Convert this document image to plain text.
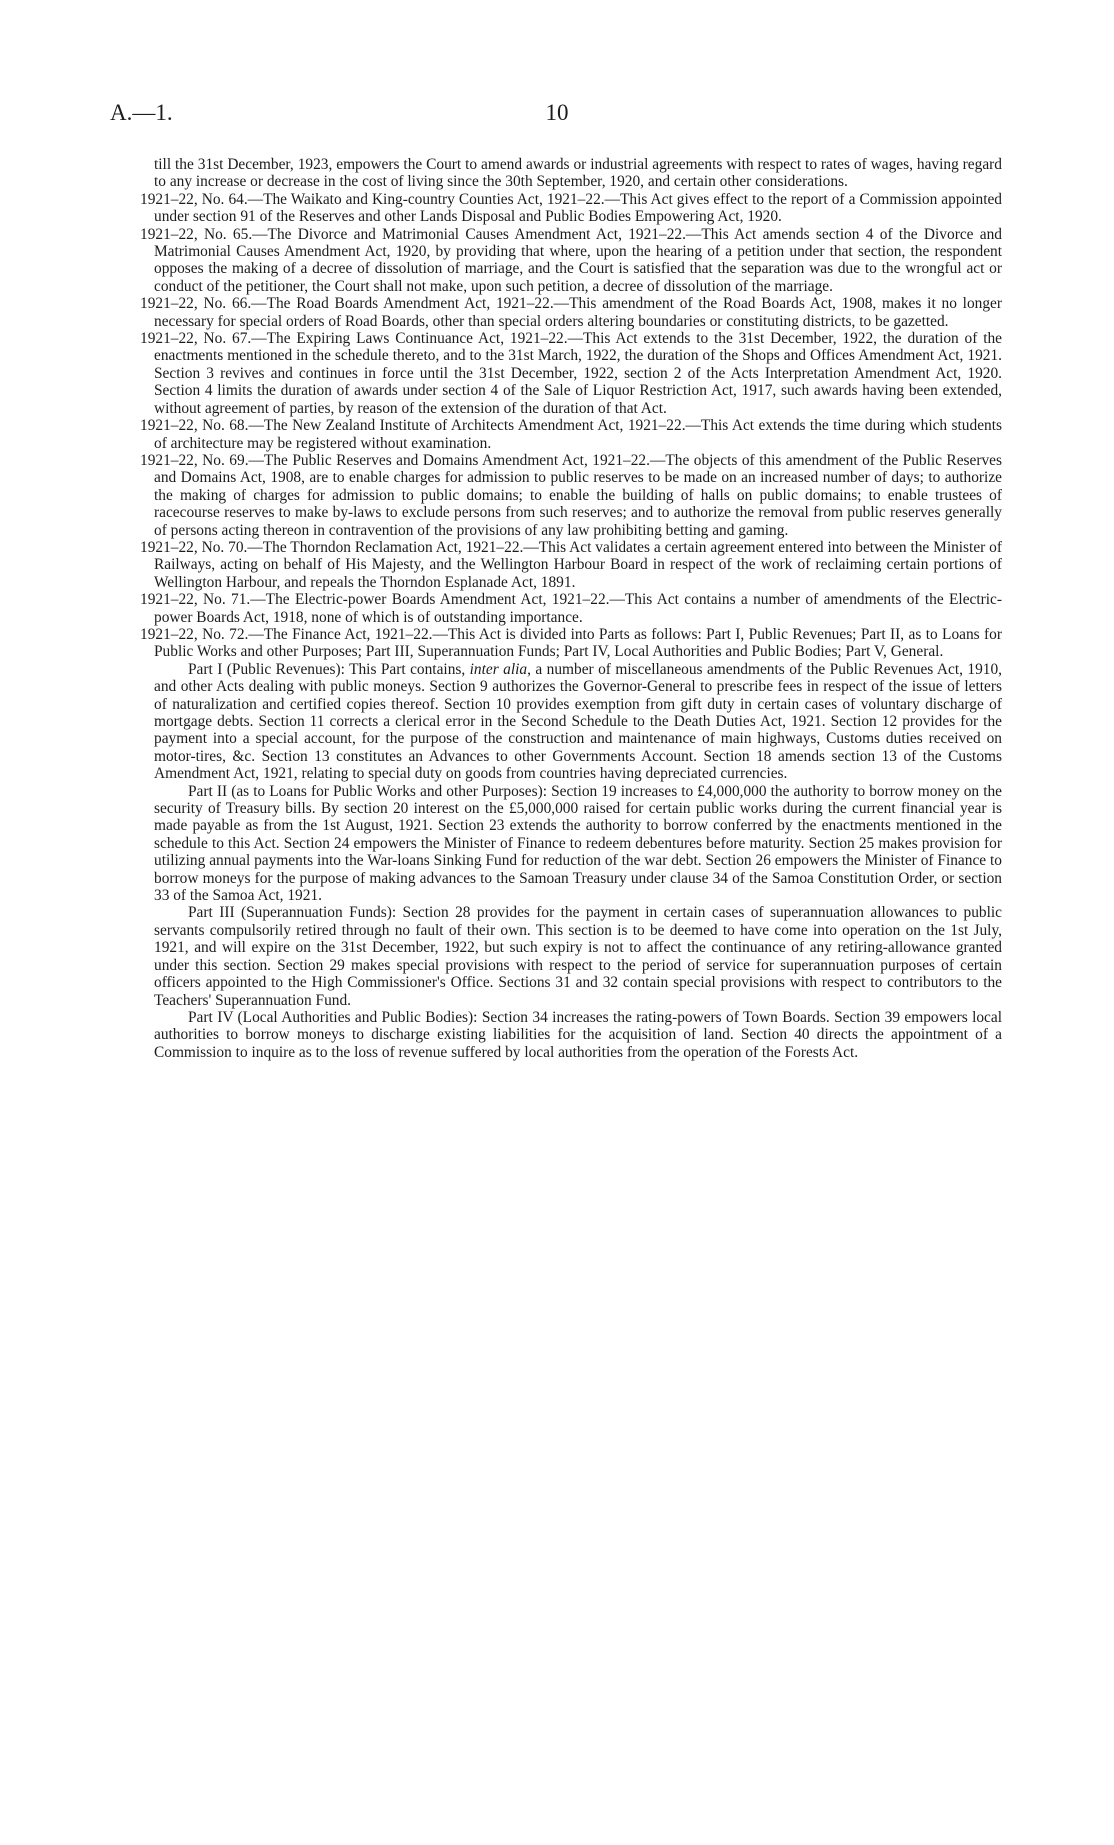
A.—1.	10

till the 31st December, 1923, empowers the Court to amend awards or industrial agreements with respect to rates of wages, having regard to any increase or decrease in the cost of living since the 30th September, 1920, and certain other considerations.

1921–22, No. 64.—The Waikato and King-country Counties Act, 1921–22.—This Act gives effect to the report of a Commission appointed under section 91 of the Reserves and other Lands Disposal and Public Bodies Empowering Act, 1920.

1921–22, No. 65.—The Divorce and Matrimonial Causes Amendment Act, 1921–22.—This Act amends section 4 of the Divorce and Matrimonial Causes Amendment Act, 1920, by providing that where, upon the hearing of a petition under that section, the respondent opposes the making of a decree of dissolution of marriage, and the Court is satisfied that the separation was due to the wrongful act or conduct of the petitioner, the Court shall not make, upon such petition, a decree of dissolution of the marriage.

1921–22, No. 66.—The Road Boards Amendment Act, 1921–22.—This amendment of the Road Boards Act, 1908, makes it no longer necessary for special orders of Road Boards, other than special orders altering boundaries or constituting districts, to be gazetted.

1921–22, No. 67.—The Expiring Laws Continuance Act, 1921–22.—This Act extends to the 31st December, 1922, the duration of the enactments mentioned in the schedule thereto, and to the 31st March, 1922, the duration of the Shops and Offices Amendment Act, 1921. Section 3 revives and continues in force until the 31st December, 1922, section 2 of the Acts Interpretation Amendment Act, 1920. Section 4 limits the duration of awards under section 4 of the Sale of Liquor Restriction Act, 1917, such awards having been extended, without agreement of parties, by reason of the extension of the duration of that Act.

1921–22, No. 68.—The New Zealand Institute of Architects Amendment Act, 1921–22.—This Act extends the time during which students of architecture may be registered without examination.

1921–22, No. 69.—The Public Reserves and Domains Amendment Act, 1921–22.—The objects of this amendment of the Public Reserves and Domains Act, 1908, are to enable charges for admission to public reserves to be made on an increased number of days; to authorize the making of charges for admission to public domains; to enable the building of halls on public domains; to enable trustees of racecourse reserves to make by-laws to exclude persons from such reserves; and to authorize the removal from public reserves generally of persons acting thereon in contravention of the provisions of any law prohibiting betting and gaming.

1921–22, No. 70.—The Thorndon Reclamation Act, 1921–22.—This Act validates a certain agreement entered into between the Minister of Railways, acting on behalf of His Majesty, and the Wellington Harbour Board in respect of the work of reclaiming certain portions of Wellington Harbour, and repeals the Thorndon Esplanade Act, 1891.

1921–22, No. 71.—The Electric-power Boards Amendment Act, 1921–22.—This Act contains a number of amendments of the Electric-power Boards Act, 1918, none of which is of outstanding importance.

1921–22, No. 72.—The Finance Act, 1921–22.—This Act is divided into Parts as follows: Part I, Public Revenues; Part II, as to Loans for Public Works and other Purposes; Part III, Superannuation Funds; Part IV, Local Authorities and Public Bodies; Part V, General.

Part I (Public Revenues): This Part contains, inter alia, a number of miscellaneous amendments of the Public Revenues Act, 1910, and other Acts dealing with public moneys. Section 9 authorizes the Governor-General to prescribe fees in respect of the issue of letters of naturalization and certified copies thereof. Section 10 provides exemption from gift duty in certain cases of voluntary discharge of mortgage debts. Section 11 corrects a clerical error in the Second Schedule to the Death Duties Act, 1921. Section 12 provides for the payment into a special account, for the purpose of the construction and maintenance of main highways, Customs duties received on motor-tires, &c. Section 13 constitutes an Advances to other Governments Account. Section 18 amends section 13 of the Customs Amendment Act, 1921, relating to special duty on goods from countries having depreciated currencies.

Part II (as to Loans for Public Works and other Purposes): Section 19 increases to £4,000,000 the authority to borrow money on the security of Treasury bills. By section 20 interest on the £5,000,000 raised for certain public works during the current financial year is made payable as from the 1st August, 1921. Section 23 extends the authority to borrow conferred by the enactments mentioned in the schedule to this Act. Section 24 empowers the Minister of Finance to redeem debentures before maturity. Section 25 makes provision for utilizing annual payments into the War-loans Sinking Fund for reduction of the war debt. Section 26 empowers the Minister of Finance to borrow moneys for the purpose of making advances to the Samoan Treasury under clause 34 of the Samoa Constitution Order, or section 33 of the Samoa Act, 1921.

Part III (Superannuation Funds): Section 28 provides for the payment in certain cases of superannuation allowances to public servants compulsorily retired through no fault of their own. This section is to be deemed to have come into operation on the 1st July, 1921, and will expire on the 31st December, 1922, but such expiry is not to affect the continuance of any retiring-allowance granted under this section. Section 29 makes special provisions with respect to the period of service for superannuation purposes of certain officers appointed to the High Commissioner's Office. Sections 31 and 32 contain special provisions with respect to contributors to the Teachers' Superannuation Fund.

Part IV (Local Authorities and Public Bodies): Section 34 increases the rating-powers of Town Boards. Section 39 empowers local authorities to borrow moneys to discharge existing liabilities for the acquisition of land. Section 40 directs the appointment of a Commission to inquire as to the loss of revenue suffered by local authorities from the operation of the Forests Act.
